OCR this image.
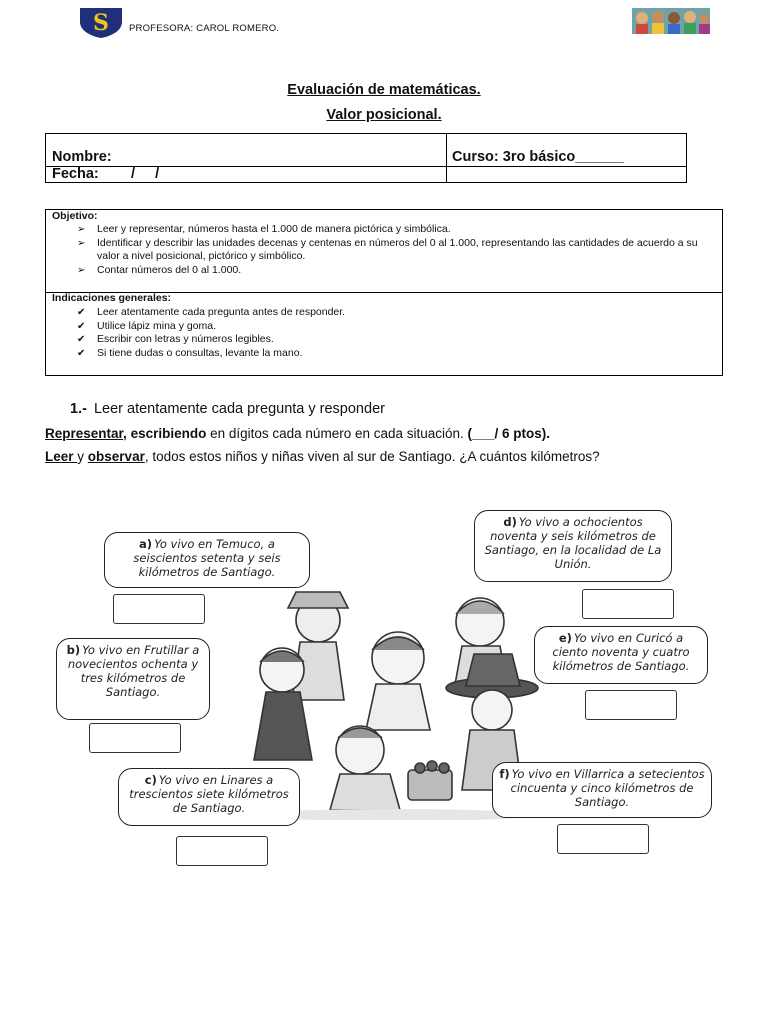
S PROFESORA: CAROL ROMERO.
Evaluación de matemáticas.
Valor posicional.
Nombre:	Curso: 3ro básico______
Fecha:        /     /
Objetivo:
➢ Leer y representar, números hasta el 1.000 de manera pictórica y simbólica.
➢ Identificar y describir las unidades decenas y centenas en números del 0 al 1.000, representando las cantidades de acuerdo a su valor a nivel posicional, pictórico y simbólico.
➢ Contar números del 0 al 1.000.
Indicaciones generales:
✔ Leer atentamente cada pregunta antes de responder.
✔ Utilice lápiz mina y goma.
✔ Escribir con letras y números legibles.
✔ Si tiene dudas o consultas, levante la mano.
1.- Leer atentamente cada pregunta y responder
Representar, escribiendo en dígitos cada número en cada situación. (___/ 6 ptos).
Leer y observar, todos estos niños y niñas viven al sur de Santiago. ¿A cuántos kilómetros?
a) Yo vivo en Temuco, a seiscientos setenta y seis kilómetros de Santiago.
b) Yo vivo en Frutillar a novecientos ochenta y tres kilómetros de Santiago.
c) Yo vivo en Linares a trescientos siete kilómetros de Santiago.
d) Yo vivo a ochocientos noventa y seis kilómetros de Santiago, en la localidad de La Unión.
e) Yo vivo en Curicó a ciento noventa y cuatro kilómetros de Santiago.
f) Yo vivo en Villarrica a setecientos cincuenta y cinco kilómetros de Santiago.
